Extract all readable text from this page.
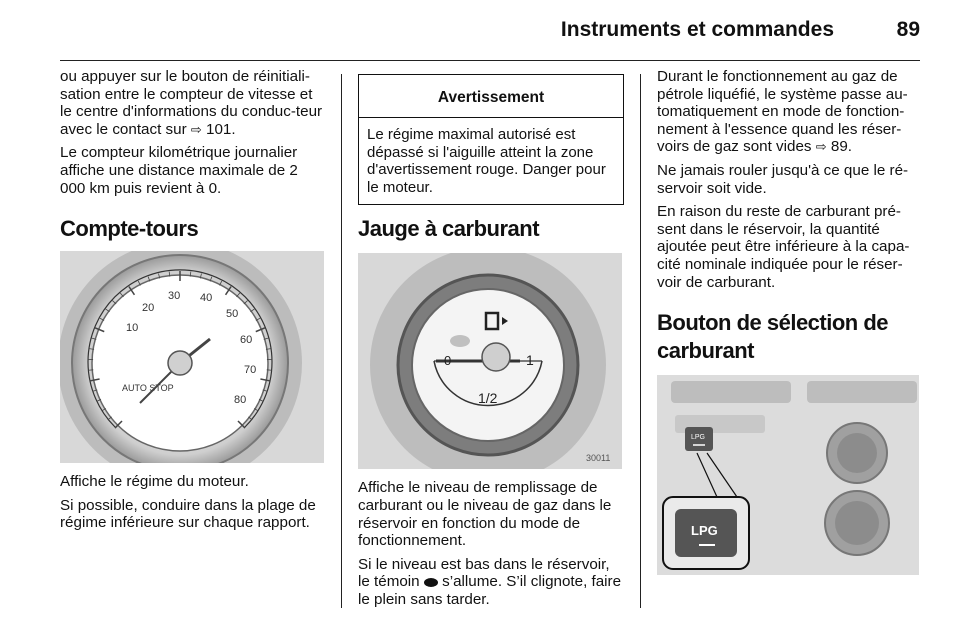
Instruments et commandes	89

ou appuyer sur le bouton de réinitiali-sation entre le compteur de vitesse et le centre d'informations du conduc-teur avec le contact sur ⇨ 101.

Le compteur kilométrique journalier affiche une distance maximale de 2 000 km puis revient à 0.

Compte-tours
10
20
30 40
50
60
70
80
AUTO STOP

Affiche le régime du moteur.

Si possible, conduire dans la plage de régime inférieure sur chaque rapport.

Avertissement
Le régime maximal autorisé est dépassé si l'aiguille atteint la zone d'avertissement rouge. Danger pour le moteur.
Jauge à carburant
0	1
1/2
30011

Affiche le niveau de remplissage de carburant ou le niveau de gaz dans le réservoir en fonction du mode de fonctionnement.

Si le niveau est bas dans le réservoir, le témoin s’allume. S’il clignote, faire le plein sans tarder.

Durant le fonctionnement au gaz de pétrole liquéfié, le système passe au-tomatiquement en mode de fonction-nement à l'essence quand les réser-voirs de gaz sont vides ⇨ 89.

Ne jamais rouler jusqu'à ce que le ré-servoir soit vide.

En raison du reste de carburant pré-sent dans le réservoir, la quantité ajoutée peut être inférieure à la capa-cité nominale indiquée pour le réser-voir de carburant.

Bouton de sélection de carburant
LPG
LPG
